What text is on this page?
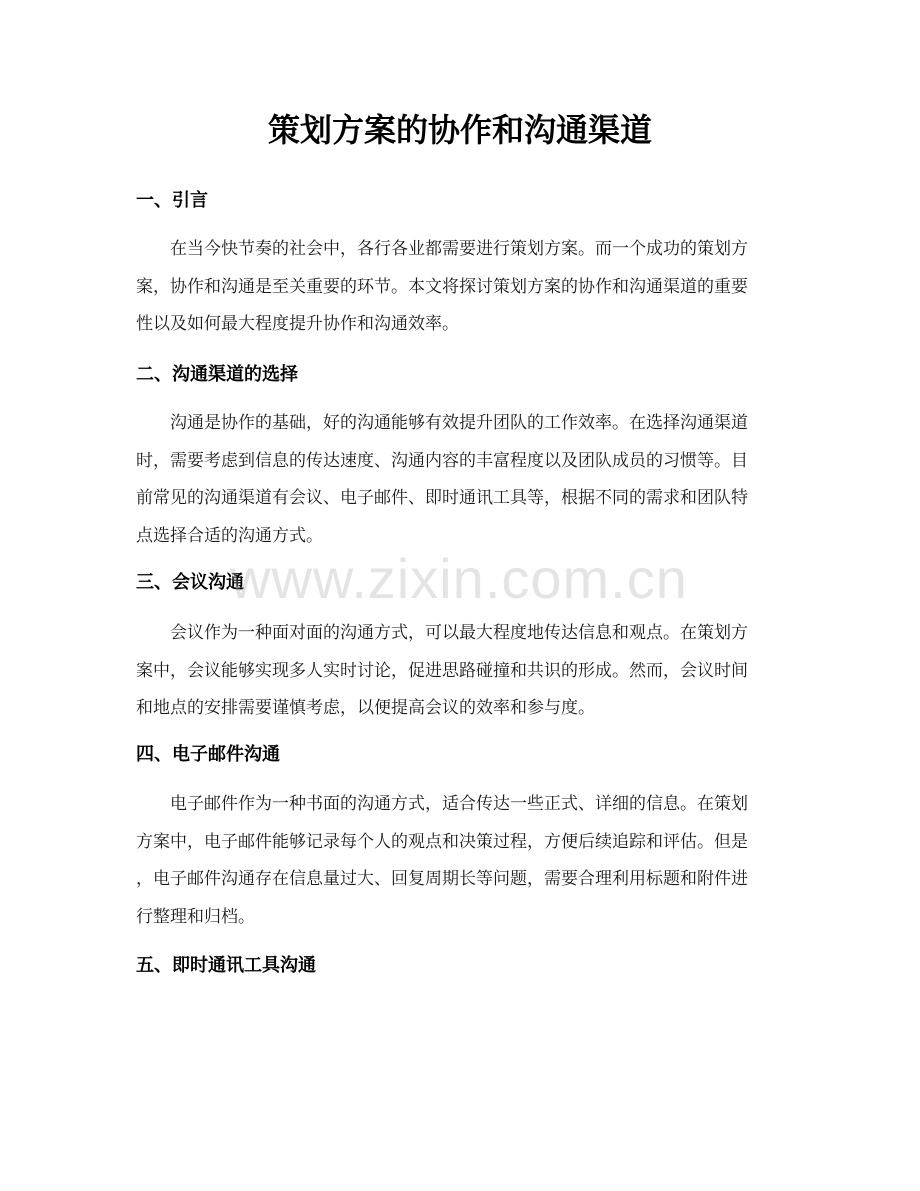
策划方案的协作和沟通渠道
一、引言

在当今快节奏的社会中，各行各业都需要进行策划方案。而一个成功的策划方
案，协作和沟通是至关重要的环节。本文将探讨策划方案的协作和沟通渠道的重要
性以及如何最大程度提升协作和沟通效率。

二、沟通渠道的选择

沟通是协作的基础，好的沟通能够有效提升团队的工作效率。在选择沟通渠道
时，需要考虑到信息的传达速度、沟通内容的丰富程度以及团队成员的习惯等。目
前常见的沟通渠道有会议、电子邮件、即时通讯工具等，根据不同的需求和团队特
点选择合适的沟通方式。

三、会议沟通

会议作为一种面对面的沟通方式，可以最大程度地传达信息和观点。在策划方
案中，会议能够实现多人实时讨论，促进思路碰撞和共识的形成。然而，会议时间
和地点的安排需要谨慎考虑，以便提高会议的效率和参与度。

四、电子邮件沟通

电子邮件作为一种书面的沟通方式，适合传达一些正式、详细的信息。在策划
方案中，电子邮件能够记录每个人的观点和决策过程，方便后续追踪和评估。但是
，电子邮件沟通存在信息量过大、回复周期长等问题，需要合理利用标题和附件进
行整理和归档。

五、即时通讯工具沟通
www.zixin.com.cn
